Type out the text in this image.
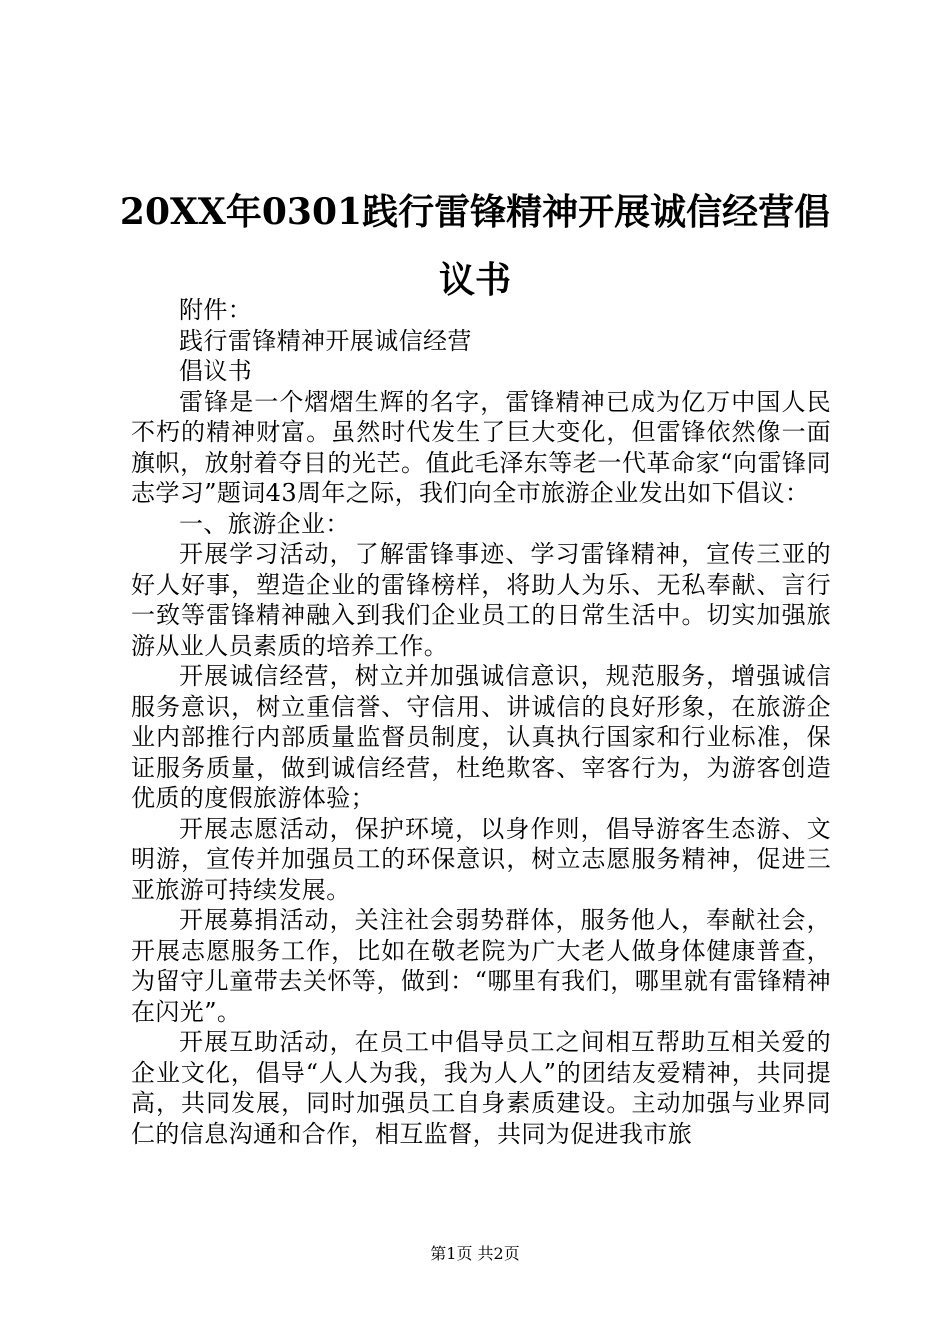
20XX年0301践行雷锋精神开展诚信经营倡议书

附件：

践行雷锋精神开展诚信经营

倡议书

雷锋是一个熠熠生辉的名字，雷锋精神已成为亿万中国人民不朽的精神财富。虽然时代发生了巨大变化，但雷锋依然像一面旗帜，放射着夺目的光芒。值此毛泽东等老一代革命家“向雷锋同志学习”题词43周年之际，我们向全市旅游企业发出如下倡议：

一、旅游企业：

开展学习活动，了解雷锋事迹、学习雷锋精神，宣传三亚的好人好事，塑造企业的雷锋榜样，将助人为乐、无私奉献、言行一致等雷锋精神融入到我们企业员工的日常生活中。切实加强旅游从业人员素质的培养工作。

开展诚信经营，树立并加强诚信意识，规范服务，增强诚信服务意识，树立重信誉、守信用、讲诚信的良好形象，在旅游企业内部推行内部质量监督员制度，认真执行国家和行业标准，保证服务质量，做到诚信经营，杜绝欺客、宰客行为，为游客创造优质的度假旅游体验；

开展志愿活动，保护环境，以身作则，倡导游客生态游、文明游，宣传并加强员工的环保意识，树立志愿服务精神，促进三亚旅游可持续发展。

开展募捐活动，关注社会弱势群体，服务他人，奉献社会，开展志愿服务工作，比如在敬老院为广大老人做身体健康普查，为留守儿童带去关怀等，做到：“哪里有我们，哪里就有雷锋精神在闪光”。

开展互助活动，在员工中倡导员工之间相互帮助互相关爱的企业文化，倡导“人人为我，我为人人”的团结友爱精神，共同提高，共同发展，同时加强员工自身素质建设。主动加强与业界同仁的信息沟通和合作，相互监督，共同为促进我市旅

第1页 共2页
